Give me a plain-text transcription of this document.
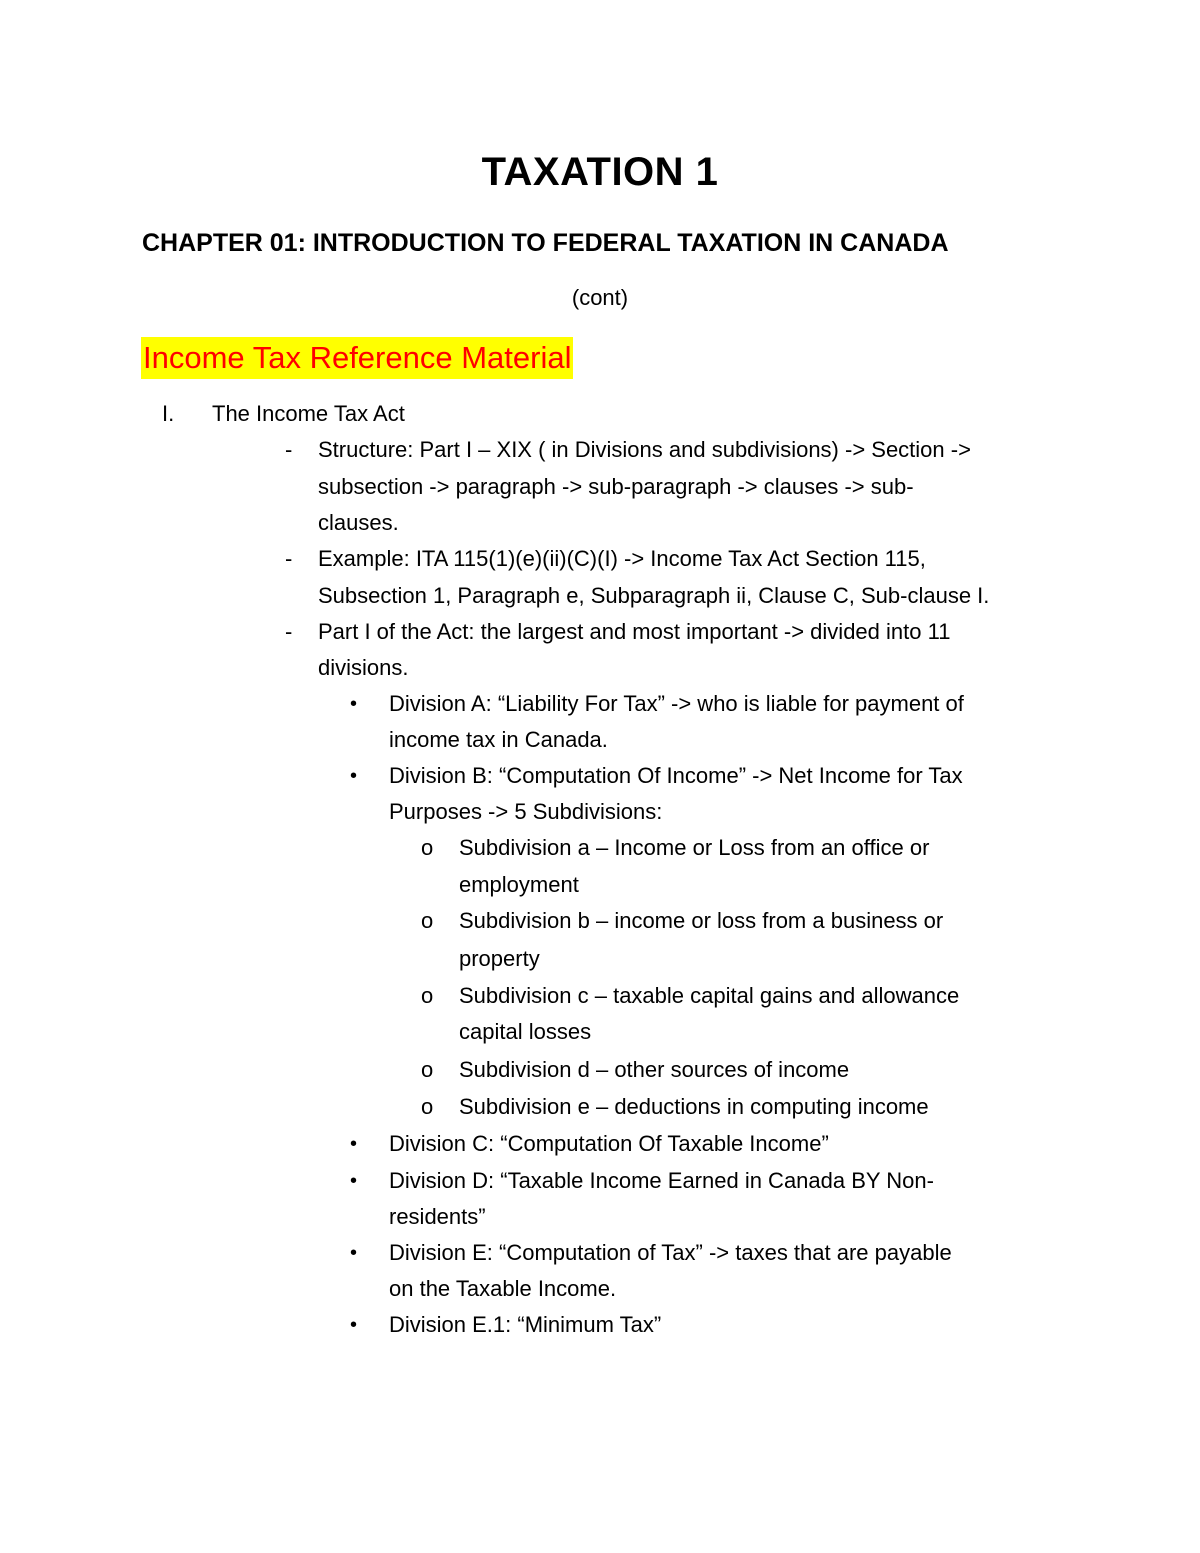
TAXATION 1
CHAPTER 01: INTRODUCTION TO FEDERAL TAXATION IN CANADA
(cont)
Income Tax Reference Material
I. The Income Tax Act
- Structure: Part I – XIX ( in Divisions and subdivisions) -> Section ->
subsection -> paragraph -> sub-paragraph -> clauses -> sub-
clauses.
- Example: ITA 115(1)(e)(ii)(C)(I) -> Income Tax Act Section 115,
Subsection 1, Paragraph e, Subparagraph ii, Clause C, Sub-clause I.
- Part I of the Act: the largest and most important -> divided into 11
divisions.
• Division A: “Liability For Tax” -> who is liable for payment of
income tax in Canada.
• Division B: “Computation Of Income” -> Net Income for Tax
Purposes -> 5 Subdivisions:
o Subdivision a – Income or Loss from an office or
employment
o Subdivision b – income or loss from a business or
property
o Subdivision c – taxable capital gains and allowance
capital losses
o Subdivision d – other sources of income
o Subdivision e – deductions in computing income
• Division C: “Computation Of Taxable Income”
• Division D: “Taxable Income Earned in Canada BY Non-
residents”
• Division E: “Computation of Tax” -> taxes that are payable
on the Taxable Income.
• Division E.1: “Minimum Tax”
